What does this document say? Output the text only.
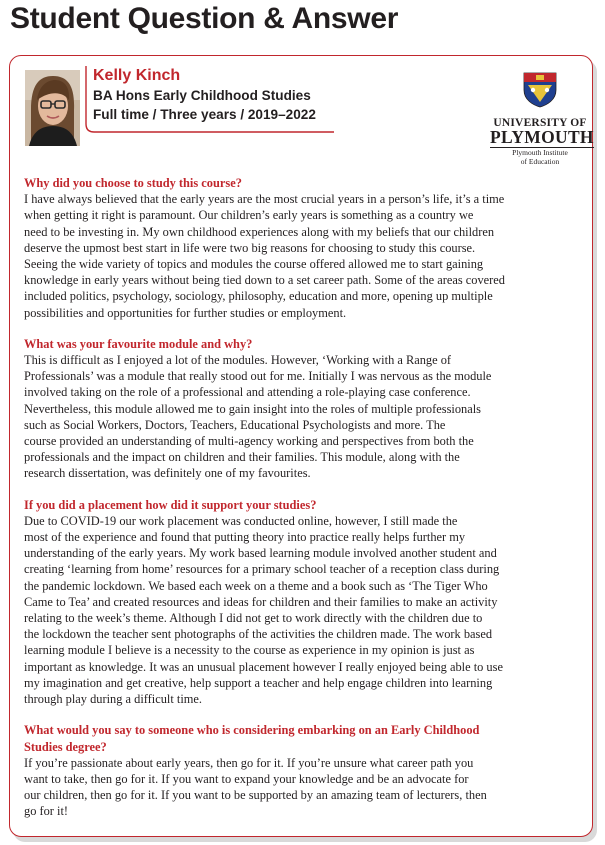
Student Question & Answer
Kelly Kinch
BA Hons Early Childhood Studies
Full time / Three years / 2019–2022
UNIVERSITY OF
PLYMOUTH
Plymouth Institute
of Education

Why did you choose to study this course?

I have always believed that the early years are the most crucial years in a person’s life, it’s a time

when getting it right is paramount. Our children’s early years is something as a country we

need to be investing in. My own childhood experiences along with my beliefs that our children

deserve the upmost best start in life were two big reasons for choosing to study this course.

Seeing the wide variety of topics and modules the course offered allowed me to start gaining

knowledge in early years without being tied down to a set career path. Some of the areas covered

included politics, psychology, sociology, philosophy, education and more, opening up multiple

possibilities and opportunities for further studies or employment.

What was your favourite module and why?

This is difficult as I enjoyed a lot of the modules. However, ‘Working with a Range of

Professionals’ was a module that really stood out for me. Initially I was nervous as the module

involved taking on the role of a professional and attending a role-playing case conference.

Nevertheless, this module allowed me to gain insight into the roles of multiple professionals

such as Social Workers, Doctors, Teachers, Educational Psychologists and more. The

course provided an understanding of multi-agency working and perspectives from both the

professionals and the impact on children and their families. This module, along with the

research dissertation, was definitely one of my favourites.

If you did a placement how did it support your studies?

Due to COVID-19 our work placement was conducted online, however, I still made the

most of the experience and found that putting theory into practice really helps further my

understanding of the early years. My work based learning module involved another student and

creating ‘learning from home’ resources for a primary school teacher of a reception class during

the pandemic lockdown. We based each week on a theme and a book such as ‘The Tiger Who

Came to Tea’ and created resources and ideas for children and their families to make an activity

relating to the week’s theme. Although I did not get to work directly with the children due to

the lockdown the teacher sent photographs of the activities the children made. The work based

learning module I believe is a necessity to the course as experience in my opinion is just as

important as knowledge. It was an unusual placement however I really enjoyed being able to use

my imagination and get creative, help support a teacher and help engage children into learning

through play during a difficult time.

What would you say to someone who is considering embarking on an Early Childhood

Studies degree?

If you’re passionate about early years, then go for it. If you’re unsure what career path you

want to take, then go for it. If you want to expand your knowledge and be an advocate for

our children, then go for it. If you want to be supported by an amazing team of lecturers, then

go for it!
